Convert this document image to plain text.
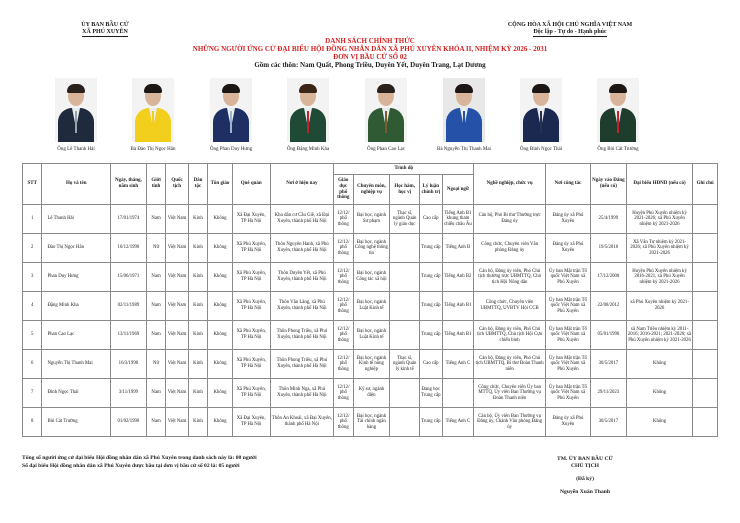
ỦY BAN BẦU CỬ
XÃ PHÚ XUYÊN
CỘNG HÒA XÃ HỘI CHỦ NGHĨA VIỆT NAM
Độc lập - Tự do - Hạnh phúc
DANH SÁCH CHÍNH THỨC
NHỮNG NGƯỜI ỨNG CỬ ĐẠI BIỂU HỘI ĐỒNG NHÂN DÂN XÃ PHÚ XUYÊN KHÓA II, NHIỆM KỲ 2026 - 2031
ĐƠN VỊ BẦU CỬ SỐ 02
Gồm các thôn: Nam Quất, Phong Triều, Duyên Yết, Duyên Trang, Lạt Dương
Ông Lê Thanh Hải	Bà Đào Thị Ngọc Hân	Ông Phan Duy Hưng	Ông Đặng Minh Kha	Ông Phan Cao Lạc	Bà Nguyễn Thị Thanh Mai	Ông Đinh Ngọc Thái	Ông Bùi Cát Trường
STT	Họ và tên	Ngày, tháng, năm sinh	Giới tính	Quốc tịch	Dân tộc	Tôn giáo	Quê quán	Nơi ở hiện nay	Trình độ					Nghề nghiệp, chức vụ	Nơi công tác	Ngày vào Đảng (nếu có)	Đại biểu HĐND (nếu có)	Ghi chú
									Giáo dục phổ thông	Chuyên môn, nghiệp vụ	Học hàm, học vị	Lý luận chính trị	Ngoại ngữ					
1	Lê Thanh Hải	17/01/1974	Nam	Việt Nam	Kinh	Không	Xã Đại Xuyên, TP Hà Nội	Khu dân cư Cầu Giẽ, xã Đại Xuyên, thành phố Hà Nội	12/12/ phổ thông	Đại học, ngành Sư phạm	Thạc sĩ, ngành Quản lý giáo dục	Cao cấp	Tiếng Anh B1 khung tham chiếu châu Âu	Cán bộ, Phó Bí thư Thường trực Đảng ủy	Đảng ủy xã Phú Xuyên	25/4/1999	Huyện Phú Xuyên nhiệm kỳ 2021-2026; xã Phú Xuyên nhiệm kỳ 2021-2026	
2	Đào Thị Ngọc Hân	16/12/1990	Nữ	Việt Nam	Kinh	Không	Xã Phú Xuyên, TP Hà Nội	Thôn Nguyên Hanh, xã Phú Xuyên, thành phố Hà Nội	12/12/ phổ thông	Đại học, ngành Công nghệ thông tin		Trung cấp	Tiếng Anh B	Công chức, Chuyên viên Văn phòng Đảng ủy	Đảng ủy xã Phú Xuyên	19/5/2016	Xã Văn Tự nhiệm kỳ 2021-2026; xã Phú Xuyên nhiệm kỳ 2021-2026	
3	Phan Duy Hưng	15/06/1971	Nam	Việt Nam	Kinh	Không	Xã Phú Xuyên, TP Hà Nội	Thôn Duyên Yết, xã Phú Xuyên, thành phố Hà Nội	12/12/ phổ thông	Đại học, ngành Công tác xã hội		Trung cấp	Tiếng Anh B2	Cán bộ, Đảng ủy viên, Phó Chủ tịch thường trực UBMTTQ, Chủ tịch Hội Nông dân	Ủy ban Mặt trận Tổ quốc Việt Nam xã Phú Xuyên	17/12/2000	Huyện Phú Xuyên nhiệm kỳ 2016-2021, xã Phú Xuyên nhiệm kỳ 2021-2026	
4	Đặng Minh Kha	02/11/1989	Nam	Việt Nam	Kinh	Không	Xã Phú Xuyên, TP Hà Nội	Thôn Văn Lãng, xã Phú Xuyên, thành phố Hà Nội	12/12/ phổ thông	Đại học, ngành Luật Kinh tế		Trung cấp	Tiếng Anh B1	Công chức, Chuyên viên UBMTTQ, UVBTV Hội CCB	Ủy ban Mặt trận Tổ quốc Việt Nam xã Phú Xuyên	22/08/2012	xã Phú Xuyên nhiệm kỳ 2021-2026	
5	Phan Cao Lạc	13/11/1969	Nam	Việt Nam	Kinh	Không	Xã Phú Xuyên, TP Hà Nội	Thôn Phong Triều, xã Phú Xuyên, thành phố Hà Nội	12/12/ phổ thông	Đại học, ngành Luật Kinh tế		Trung cấp	Tiếng Anh B1	Cán bộ, Đảng ủy viên, Phó Chủ tịch UBMTTQ, Chủ tịch Hội Cựu chiến binh	Ủy ban Mặt trận Tổ quốc Việt Nam xã Phú Xuyên	05/01/1990	xã Nam Triều nhiệm kỳ 2011-2016; 2016-2021; 2021-2026; xã Phú Xuyên nhiệm kỳ 2021-2026	
6	Nguyễn Thị Thanh Mai	16/3/1990	Nữ	Việt Nam	Kinh	Không	Xã Phú Xuyên, TP Hà Nội	Thôn Phong Triều, xã Phú Xuyên, thành phố Hà Nội	12/12/ phổ thông	Đại học, ngành Kinh tế nông nghiệp	Thạc sĩ, ngành Quản lý kinh tế	Cao cấp	Tiếng Anh C	Cán bộ, Đảng ủy viên, Phó Chủ tịch UBMTTQ, Bí thư Đoàn Thanh niên	Ủy ban Mặt trận Tổ quốc Việt Nam xã Phú Xuyên	30/5/2017	Không	
7	Đinh Ngọc Thái	3/11/1999	Nam	Việt Nam	Kinh	Không	Xã Phú Xuyên, TP Hà Nội	Thôn Minh Nga, xã Phú Xuyên, thành phố Hà Nội	12/12/ phổ thông	Kỹ sư, ngành điện		Đang học Trung cấp		Công chức, Chuyên viên Ủy ban MTTQ, Ủy viên Ban Thường vụ Đoàn Thanh niên	Ủy ban Mặt trận Tổ quốc Việt Nam xã Phú Xuyên	29/11/2023	Không	
8	Bùi Cát Trường	01/02/1990	Nam	Việt Nam	Kinh	Không	Xã Đại Xuyên, TP Hà Nội	Thôn An Khoái, xã Đại Xuyên, thành phố Hà Nội	12/12/ phổ thông	Đại học, ngành Tài chính ngân hàng		Trung cấp	Tiếng Anh C	Cán bộ, Ủy viên Ban Thường vụ Đảng ủy, Chánh Văn phòng Đảng ủy	Đảng ủy xã Phú Xuyên	30/5/2017	Không	
Tổng số người ứng cử đại biểu Hội đồng nhân dân xã Phú Xuyên trong danh sách này là: 08 người
Số đại biểu Hội đồng nhân dân xã Phú Xuyên được bầu tại đơn vị bầu cử số 02 là: 05 người
TM. ỦY BAN BẦU CỬ
CHỦ TỊCH
(Đã ký)
Nguyễn Xuân Thanh
